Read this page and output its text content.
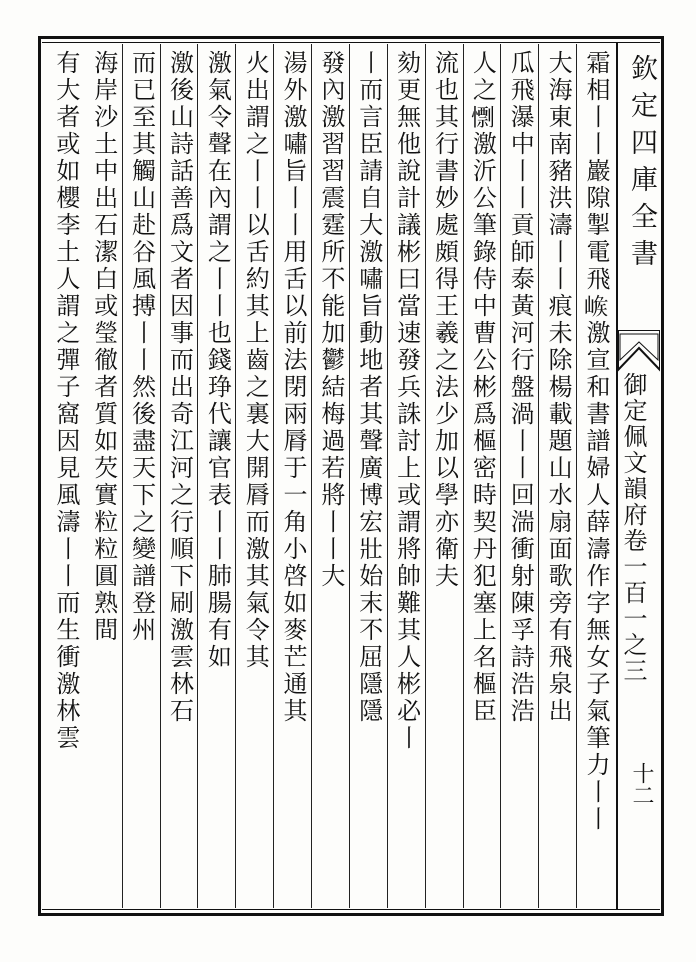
欽定四庫全書
御定佩文韻府卷一百一之三
十二
霜相丨丨巖隙掣電飛𡺝激宣和書譜婦人薛濤作字無女子氣筆力丨丨
大海東南豬洪濤丨丨痕未除楊載題山水扇面歌旁有飛泉出
瓜飛瀑中丨丨貢師泰黃河行盤渦丨丨回湍衝射陳孚詩浩浩
人之𢢼激沂公筆錄侍中曹公彬爲樞密時契丹犯塞上名樞臣
流也其行書妙處頗得王羲之法少加以學亦衛夫
劾更無他說計議彬曰當速發兵誅討上或謂將帥難其人彬必丨
丨而言臣請自大激嘯旨動地者其聲廣博宏壯始末不屈隱隱
發內激習習震霆所不能加鬱結梅過若將丨丨大
湯外激嘯旨丨丨用舌以前法閉兩脣于一角小啓如麥芒通其
火出謂之丨丨以舌約其上齒之裏大開脣而激其氣令其
激氣令聲在內謂之丨丨也錢琤代讓官表丨丨肺腸有如
激後山詩話善爲文者因事而出奇江河之行順下刷激雲林石
而已至其觸山赴谷風搏丨丨然後盡天下之變譜登州
海岸沙土中出石潔白或瑩徹者質如芡實粒粒圓熟間
有大者或如櫻李土人謂之彈子窩因見風濤丨丨而生衝激林雲
